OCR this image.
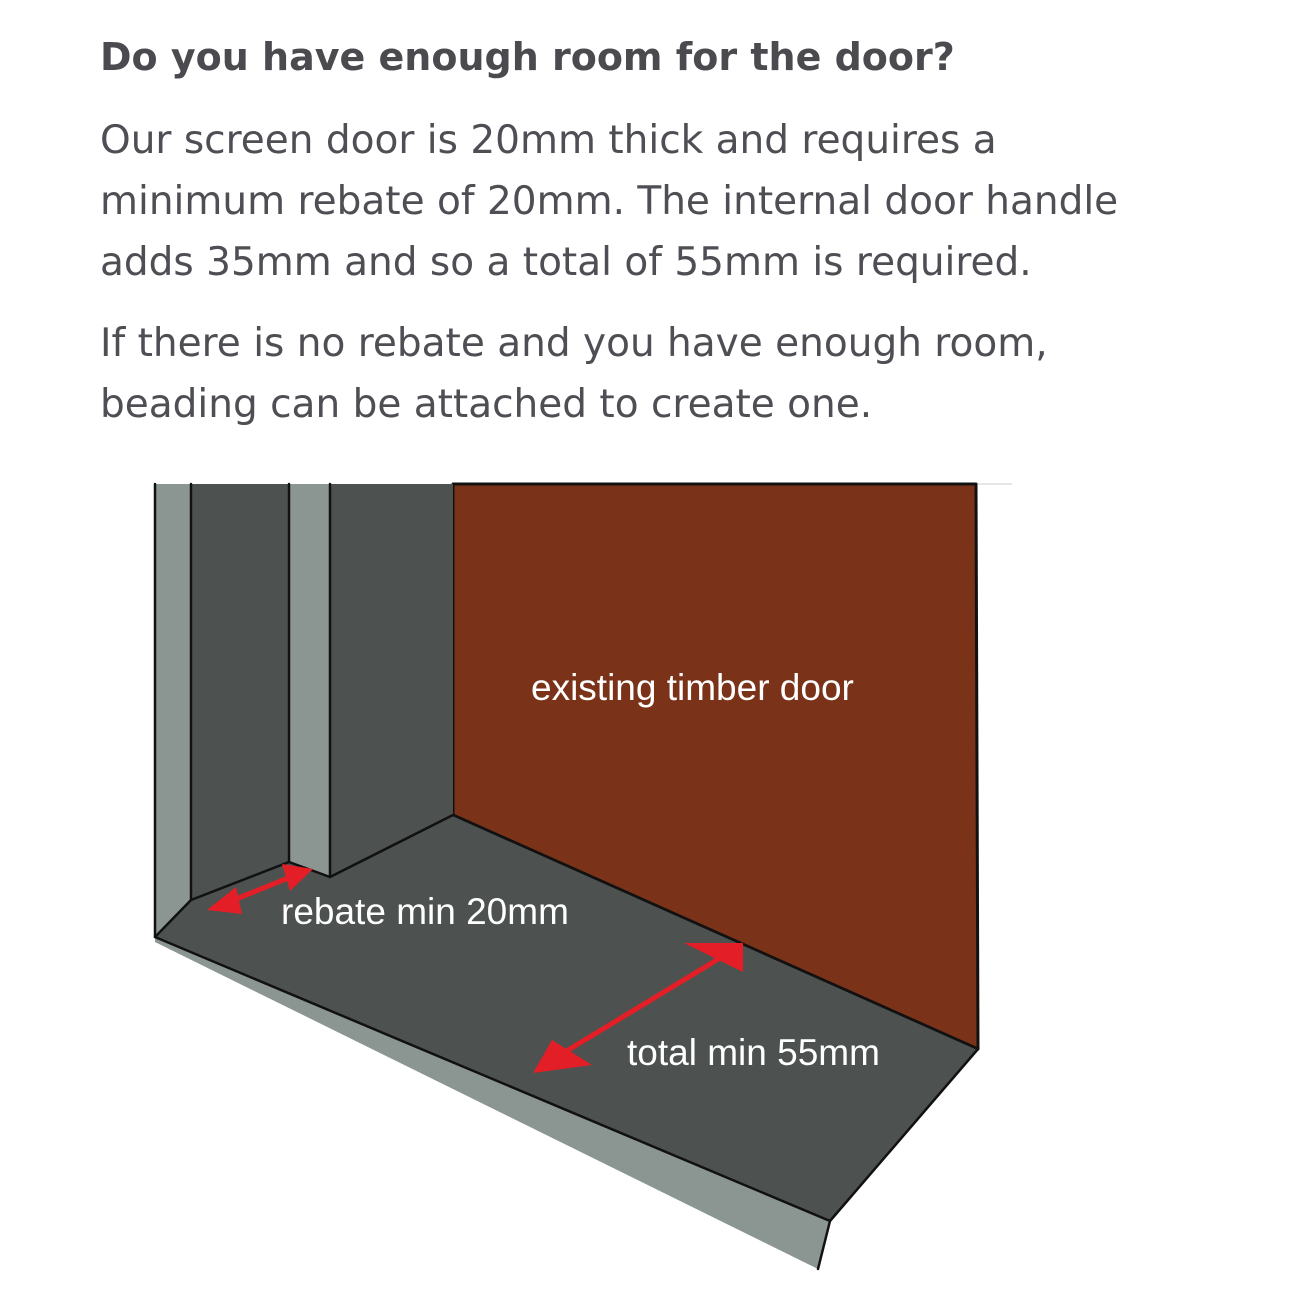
Do you have enough room for the door?

Our screen door is 20mm thick and requires a
minimum rebate of 20mm. The internal door handle
adds 35mm and so a total of 55mm is required.

If there is no rebate and you have enough room,
beading can be attached to create one.

existing timber door
rebate min 20mm
total min 55mm
